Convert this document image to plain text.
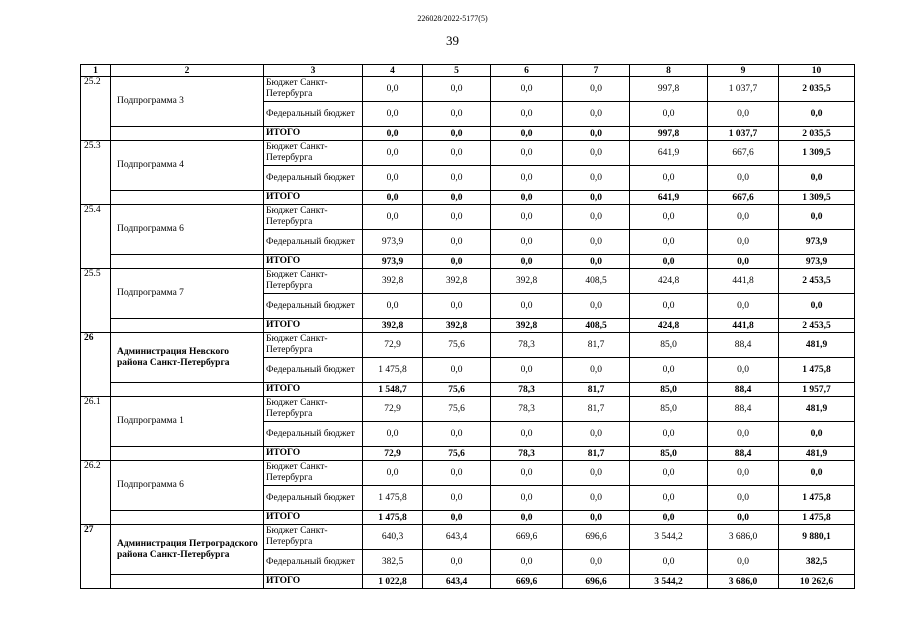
226028/2022-5177(5)
39
1	2	3	4	5	6	7	8	9	10
25.2	Подпрограмма 3	Бюджет Санкт-Петербурга	0,0	0,0	0,0	0,0	997,8	1 037,7	2 035,5
		Федеральный бюджет	0,0	0,0	0,0	0,0	0,0	0,0	0,0
		ИТОГО	0,0	0,0	0,0	0,0	997,8	1 037,7	2 035,5
25.3	Подпрограмма 4	Бюджет Санкт-Петербурга	0,0	0,0	0,0	0,0	641,9	667,6	1 309,5
		Федеральный бюджет	0,0	0,0	0,0	0,0	0,0	0,0	0,0
		ИТОГО	0,0	0,0	0,0	0,0	641,9	667,6	1 309,5
25.4	Подпрограмма 6	Бюджет Санкт-Петербурга	0,0	0,0	0,0	0,0	0,0	0,0	0,0
		Федеральный бюджет	973,9	0,0	0,0	0,0	0,0	0,0	973,9
		ИТОГО	973,9	0,0	0,0	0,0	0,0	0,0	973,9
25.5	Подпрограмма 7	Бюджет Санкт-Петербурга	392,8	392,8	392,8	408,5	424,8	441,8	2 453,5
		Федеральный бюджет	0,0	0,0	0,0	0,0	0,0	0,0	0,0
		ИТОГО	392,8	392,8	392,8	408,5	424,8	441,8	2 453,5
26	Администрация Невского района Санкт-Петербурга	Бюджет Санкт-Петербурга	72,9	75,6	78,3	81,7	85,0	88,4	481,9
		Федеральный бюджет	1 475,8	0,0	0,0	0,0	0,0	0,0	1 475,8
		ИТОГО	1 548,7	75,6	78,3	81,7	85,0	88,4	1 957,7
26.1	Подпрограмма 1	Бюджет Санкт-Петербурга	72,9	75,6	78,3	81,7	85,0	88,4	481,9
		Федеральный бюджет	0,0	0,0	0,0	0,0	0,0	0,0	0,0
		ИТОГО	72,9	75,6	78,3	81,7	85,0	88,4	481,9
26.2	Подпрограмма 6	Бюджет Санкт-Петербурга	0,0	0,0	0,0	0,0	0,0	0,0	0,0
		Федеральный бюджет	1 475,8	0,0	0,0	0,0	0,0	0,0	1 475,8
		ИТОГО	1 475,8	0,0	0,0	0,0	0,0	0,0	1 475,8
27	Администрация Петроградского района Санкт-Петербурга	Бюджет Санкт-Петербурга	640,3	643,4	669,6	696,6	3 544,2	3 686,0	9 880,1
		Федеральный бюджет	382,5	0,0	0,0	0,0	0,0	0,0	382,5
		ИТОГО	1 022,8	643,4	669,6	696,6	3 544,2	3 686,0	10 262,6
